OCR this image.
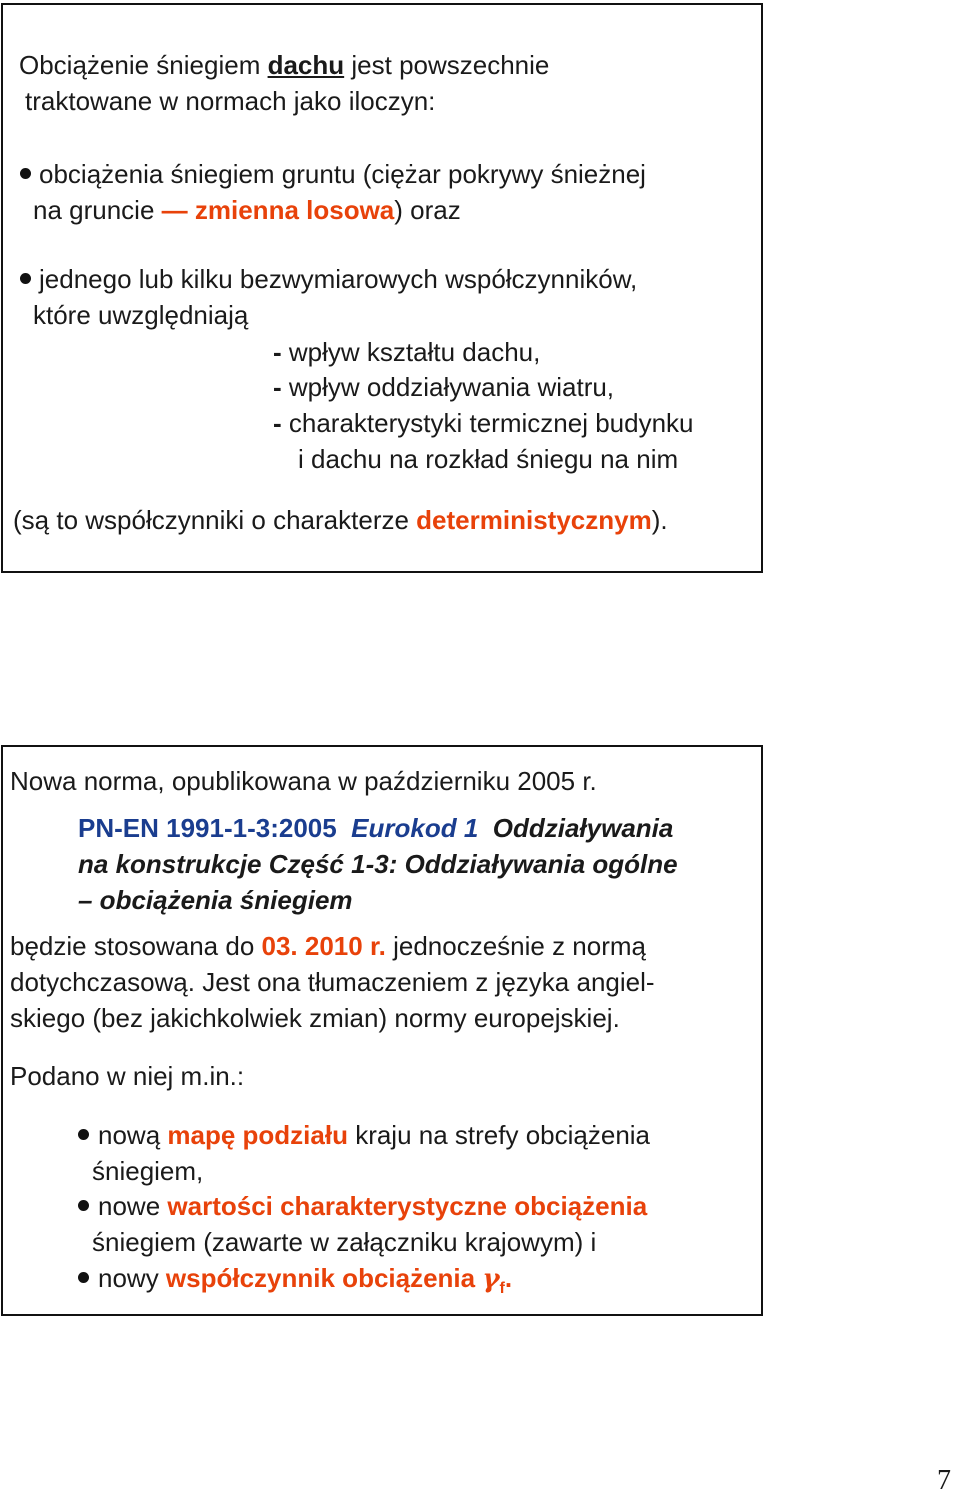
Obciążenie śniegiem dachu jest powszechnie
traktowane w normach jako iloczyn:
obciążenia śniegiem gruntu (ciężar pokrywy śnieżnej
na gruncie — zmienna losowa) oraz
jednego lub kilku bezwymiarowych współczynników,
które uwzględniają
- wpływ kształtu dachu,
- wpływ oddziaływania wiatru,
- charakterystyki termicznej budynku
i dachu na rozkład śniegu na nim
(są to współczynniki o charakterze deterministycznym).
Nowa norma, opublikowana w październiku 2005 r.
PN-EN 1991-1-3:2005 Eurokod 1 Oddziaływania
na konstrukcje Część 1-3: Oddziaływania ogólne
– obciążenia śniegiem
będzie stosowana do 03. 2010 r. jednocześnie z normą
dotychczasową. Jest ona tłumaczeniem z języka angiel-
skiego (bez jakichkolwiek zmian) normy europejskiej.
Podano w niej m.in.:
nową mapę podziału kraju na strefy obciążenia
śniegiem,
nowe wartości charakterystyczne obciążenia
śniegiem (zawarte w załączniku krajowym) i
nowy współczynnik obciążenia $\gamma_f$.
7
